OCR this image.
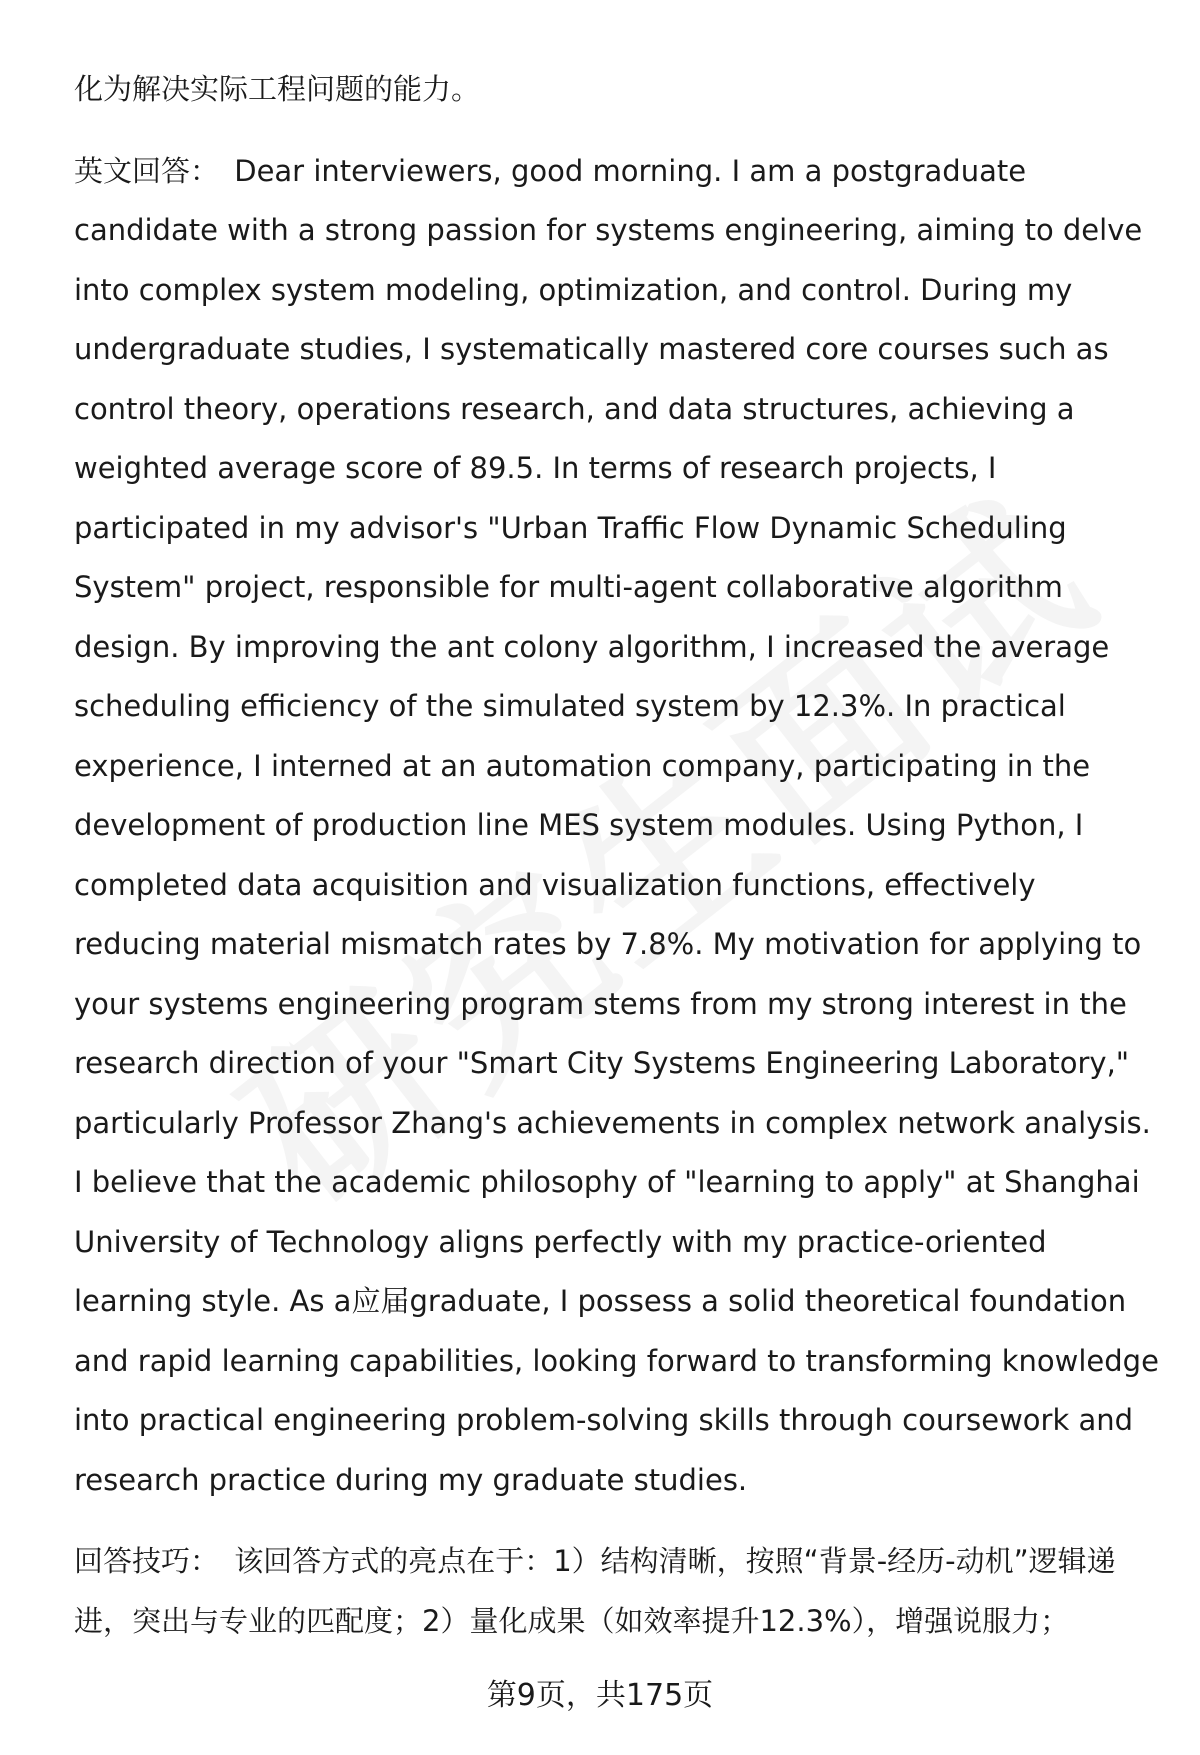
化为解决实际工程问题的能力。

英文回答： Dear interviewers, good morning. I am a postgraduate candidate with a strong passion for systems engineering, aiming to delve into complex system modeling, optimization, and control. During my undergraduate studies, I systematically mastered core courses such as control theory, operations research, and data structures, achieving a weighted average score of 89.5. In terms of research projects, I participated in my advisor's "Urban Traffic Flow Dynamic Scheduling System" project, responsible for multi-agent collaborative algorithm design. By improving the ant colony algorithm, I increased the average scheduling efficiency of the simulated system by 12.3%. In practical experience, I interned at an automation company, participating in the development of production line MES system modules. Using Python, I completed data acquisition and visualization functions, effectively reducing material mismatch rates by 7.8%. My motivation for applying to your systems engineering program stems from my strong interest in the research direction of your "Smart City Systems Engineering Laboratory," particularly Professor Zhang's achievements in complex network analysis. I believe that the academic philosophy of "learning to apply" at Shanghai University of Technology aligns perfectly with my practice-oriented learning style. As a应届graduate, I possess a solid theoretical foundation and rapid learning capabilities, looking forward to transforming knowledge into practical engineering problem-solving skills through coursework and research practice during my graduate studies.

回答技巧： 该回答方式的亮点在于：1）结构清晰，按照“背景-经历-动机”逻辑递进，突出与专业的匹配度；2）量化成果（如效率提升12.3%），增强说服力；

第9页，共175页
